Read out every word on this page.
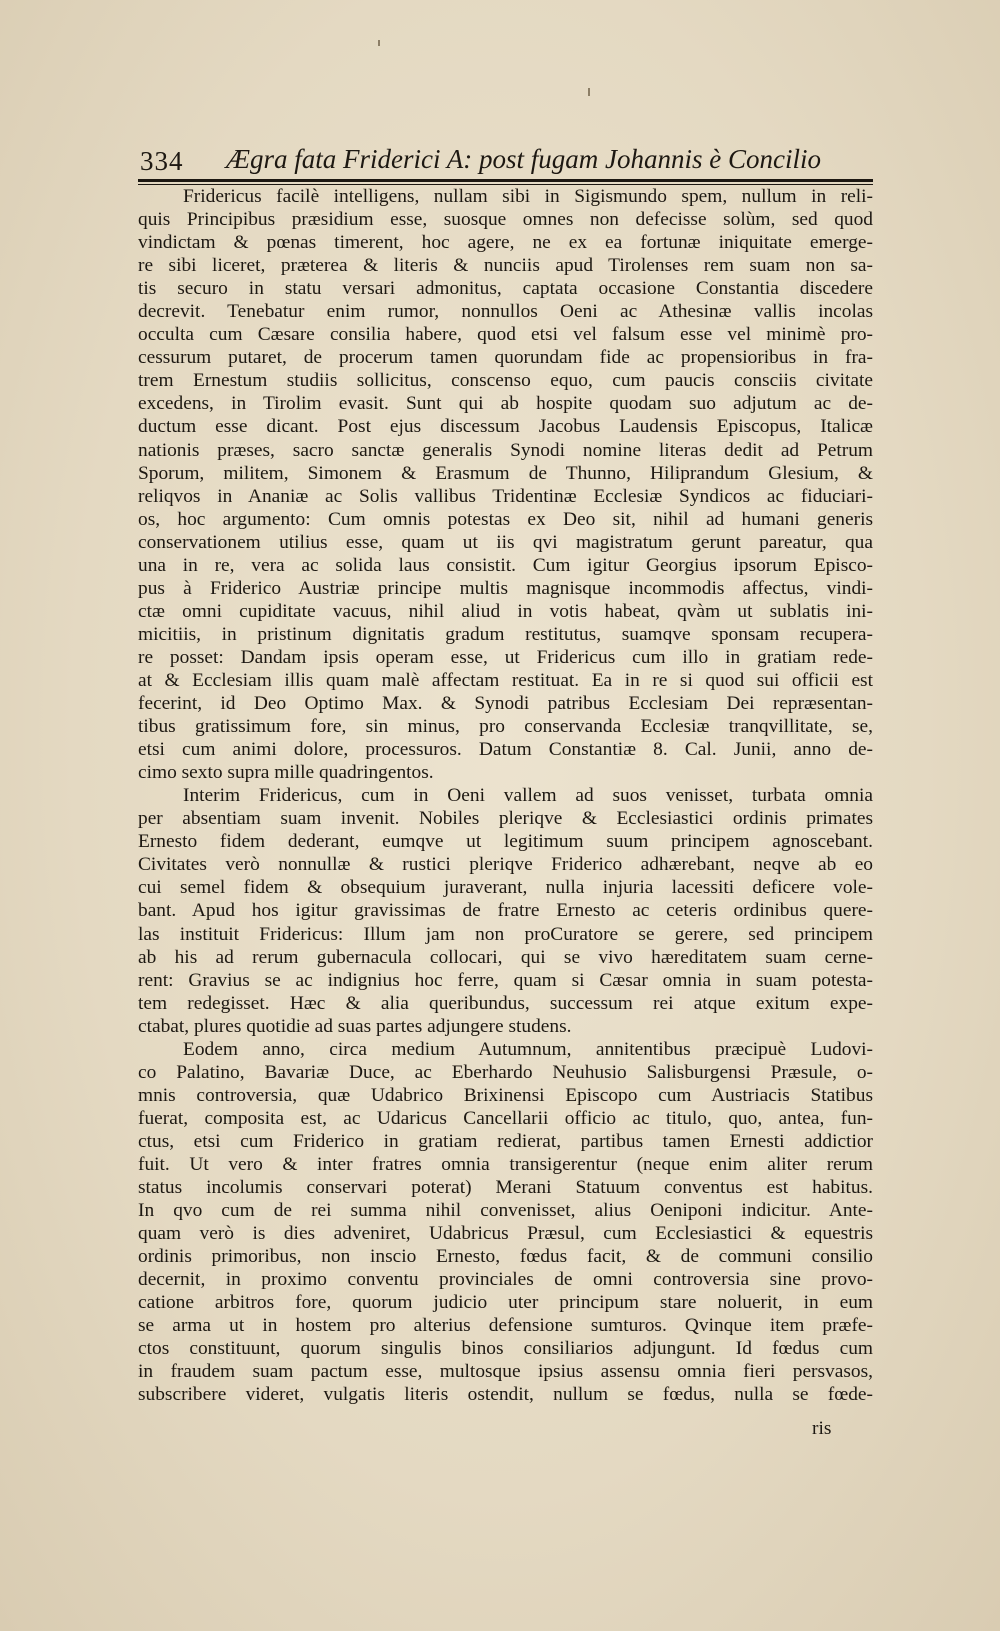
334 Ægra fata Friderici A: post fugam Johannis è Concilio
Fridericus facilè intelligens, nullam sibi in Sigismundo spem, nullum in reli-
quis Principibus præsidium esse, suosque omnes non defecisse solùm, sed quod
vindictam & pœnas timerent, hoc agere, ne ex ea fortunæ iniquitate emerge-
re sibi liceret, præterea & literis & nunciis apud Tirolenses rem suam non sa-
tis securo in statu versari admonitus, captata occasione Constantia discedere
decrevit. Tenebatur enim rumor, nonnullos Oeni ac Athesinæ vallis incolas
occulta cum Cæsare consilia habere, quod etsi vel falsum esse vel minimè pro-
cessurum putaret, de procerum tamen quorundam fide ac propensioribus in fra-
trem Ernestum studiis sollicitus, conscenso equo, cum paucis consciis civitate
excedens, in Tirolim evasit. Sunt qui ab hospite quodam suo adjutum ac de-
ductum esse dicant. Post ejus discessum Jacobus Laudensis Episcopus, Italicæ
nationis præses, sacro sanctæ generalis Synodi nomine literas dedit ad Petrum
Sporum, militem, Simonem & Erasmum de Thunno, Hiliprandum Glesium, &
reliqvos in Ananiæ ac Solis vallibus Tridentinæ Ecclesiæ Syndicos ac fiduciari-
os, hoc argumento: Cum omnis potestas ex Deo sit, nihil ad humani generis
conservationem utilius esse, quam ut iis qvi magistratum gerunt pareatur, qua
una in re, vera ac solida laus consistit. Cum igitur Georgius ipsorum Episco-
pus à Friderico Austriæ principe multis magnisque incommodis affectus, vindi-
ctæ omni cupiditate vacuus, nihil aliud in votis habeat, qvàm ut sublatis ini-
micitiis, in pristinum dignitatis gradum restitutus, suamqve sponsam recupera-
re posset: Dandam ipsis operam esse, ut Fridericus cum illo in gratiam rede-
at & Ecclesiam illis quam malè affectam restituat. Ea in re si quod sui officii est
fecerint, id Deo Optimo Max. & Synodi patribus Ecclesiam Dei repræsentan-
tibus gratissimum fore, sin minus, pro conservanda Ecclesiæ tranqvillitate, se,
etsi cum animi dolore, processuros. Datum Constantiæ 8. Cal. Junii, anno de-
cimo sexto supra mille quadringentos.
Interim Fridericus, cum in Oeni vallem ad suos venisset, turbata omnia
per absentiam suam invenit. Nobiles pleriqve & Ecclesiastici ordinis primates
Ernesto fidem dederant, eumqve ut legitimum suum principem agnoscebant.
Civitates verò nonnullæ & rustici pleriqve Friderico adhærebant, neqve ab eo
cui semel fidem & obsequium juraverant, nulla injuria lacessiti deficere vole-
bant. Apud hos igitur gravissimas de fratre Ernesto ac ceteris ordinibus quere-
las instituit Fridericus: Illum jam non proCuratore se gerere, sed principem
ab his ad rerum gubernacula collocari, qui se vivo hæreditatem suam cerne-
rent: Gravius se ac indignius hoc ferre, quam si Cæsar omnia in suam potesta-
tem redegisset. Hæc & alia queribundus, successum rei atque exitum expe-
ctabat, plures quotidie ad suas partes adjungere studens.
Eodem anno, circa medium Autumnum, annitentibus præcipuè Ludovi-
co Palatino, Bavariæ Duce, ac Eberhardo Neuhusio Salisburgensi Præsule, o-
mnis controversia, quæ Udabrico Brixinensi Episcopo cum Austriacis Statibus
fuerat, composita est, ac Udaricus Cancellarii officio ac titulo, quo, antea, fun-
ctus, etsi cum Friderico in gratiam redierat, partibus tamen Ernesti addictior
fuit. Ut vero & inter fratres omnia transigerentur (neque enim aliter rerum
status incolumis conservari poterat) Merani Statuum conventus est habitus.
In qvo cum de rei summa nihil convenisset, alius Oeniponi indicitur. Ante-
quam verò is dies adveniret, Udabricus Præsul, cum Ecclesiastici & equestris
ordinis primoribus, non inscio Ernesto, fœdus facit, & de communi consilio
decernit, in proximo conventu provinciales de omni controversia sine provo-
catione arbitros fore, quorum judicio uter principum stare noluerit, in eum
se arma ut in hostem pro alterius defensione sumturos. Qvinque item præfe-
ctos constituunt, quorum singulis binos consiliarios adjungunt. Id fœdus cum
in fraudem suam pactum esse, multosque ipsius assensu omnia fieri persvasos,
subscribere videret, vulgatis literis ostendit, nullum se fœdus, nulla se fœde-
ris
